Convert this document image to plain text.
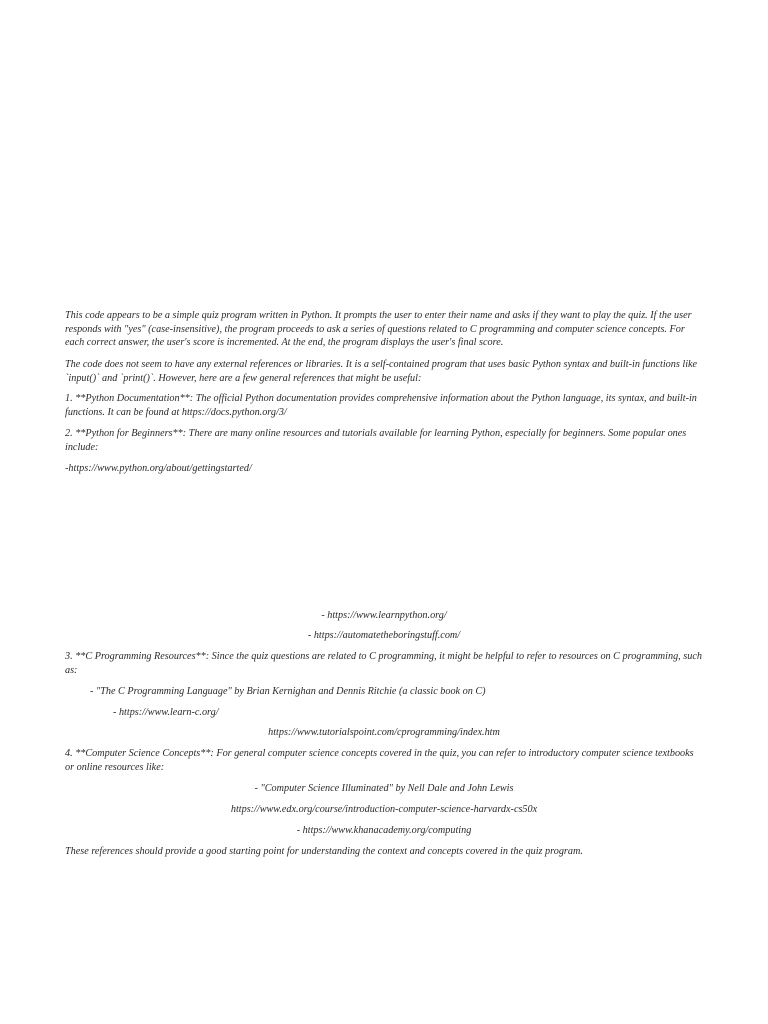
This code appears to be a simple quiz program written in Python. It prompts the user to enter their name and asks if they want to play the quiz. If the user responds with "yes" (case-insensitive), the program proceeds to ask a series of questions related to C programming and computer science concepts. For each correct answer, the user's score is incremented. At the end, the program displays the user's final score.

The code does not seem to have any external references or libraries. It is a self-contained program that uses basic Python syntax and built-in functions like `input()` and `print()`. However, here are a few general references that might be useful:

1. **Python Documentation**: The official Python documentation provides comprehensive information about the Python language, its syntax, and built-in functions. It can be found at https://docs.python.org/3/

2. **Python for Beginners**: There are many online resources and tutorials available for learning Python, especially for beginners. Some popular ones include:

-https://www.python.org/about/gettingstarted/

- https://www.learnpython.org/

- https://automatetheboringstuff.com/

3. **C Programming Resources**: Since the quiz questions are related to C programming, it might be helpful to refer to resources on C programming, such as:

- "The C Programming Language" by Brian Kernighan and Dennis Ritchie (a classic book on C)

- https://www.learn-c.org/

https://www.tutorialspoint.com/cprogramming/index.htm

4. **Computer Science Concepts**: For general computer science concepts covered in the quiz, you can refer to introductory computer science textbooks or online resources like:

- "Computer Science Illuminated" by Nell Dale and John Lewis

https://www.edx.org/course/introduction-computer-science-harvardx-cs50x

- https://www.khanacademy.org/computing

These references should provide a good starting point for understanding the context and concepts covered in the quiz program.
